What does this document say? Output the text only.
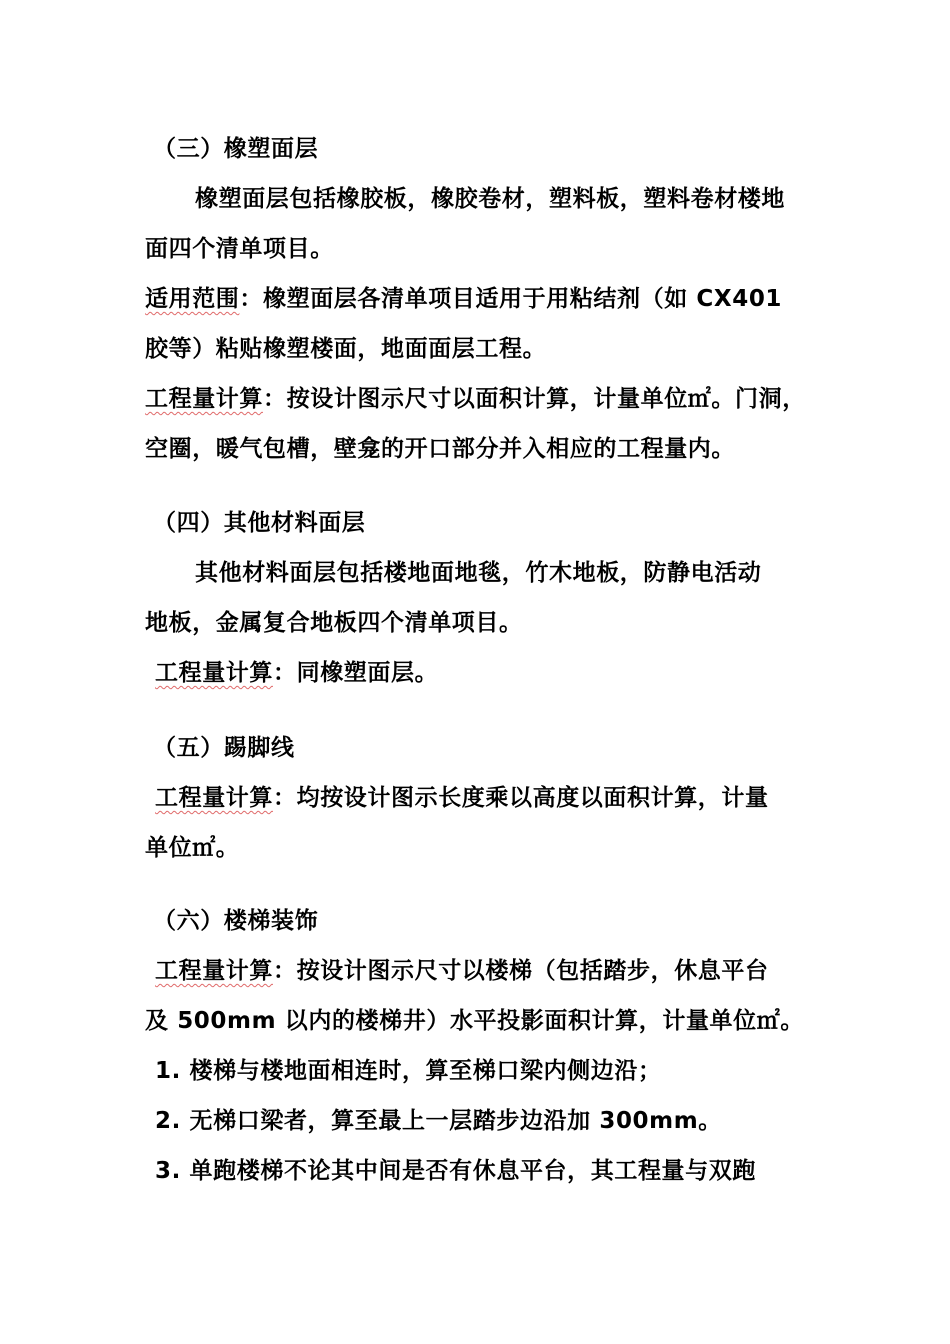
（三）橡塑面层
橡塑面层包括橡胶板，橡胶卷材，塑料板，塑料卷材楼地
面四个清单项目。
适用范围：橡塑面层各清单项目适用于用粘结剂（如 CX401
胶等）粘贴橡塑楼面，地面面层工程。
工程量计算：按设计图示尺寸以面积计算，计量单位㎡。门洞，
空圈，暖气包槽，壁龛的开口部分并入相应的工程量内。
（四）其他材料面层
其他材料面层包括楼地面地毯，竹木地板，防静电活动
地板，金属复合地板四个清单项目。
工程量计算：同橡塑面层。
（五）踢脚线
工程量计算：均按设计图示长度乘以高度以面积计算，计量
单位㎡。
（六）楼梯装饰
工程量计算：按设计图示尺寸以楼梯（包括踏步，休息平台
及 500mm 以内的楼梯井）水平投影面积计算，计量单位㎡。
1. 楼梯与楼地面相连时，算至梯口梁内侧边沿；
2. 无梯口梁者，算至最上一层踏步边沿加 300mm。
3. 单跑楼梯不论其中间是否有休息平台，其工程量与双跑
